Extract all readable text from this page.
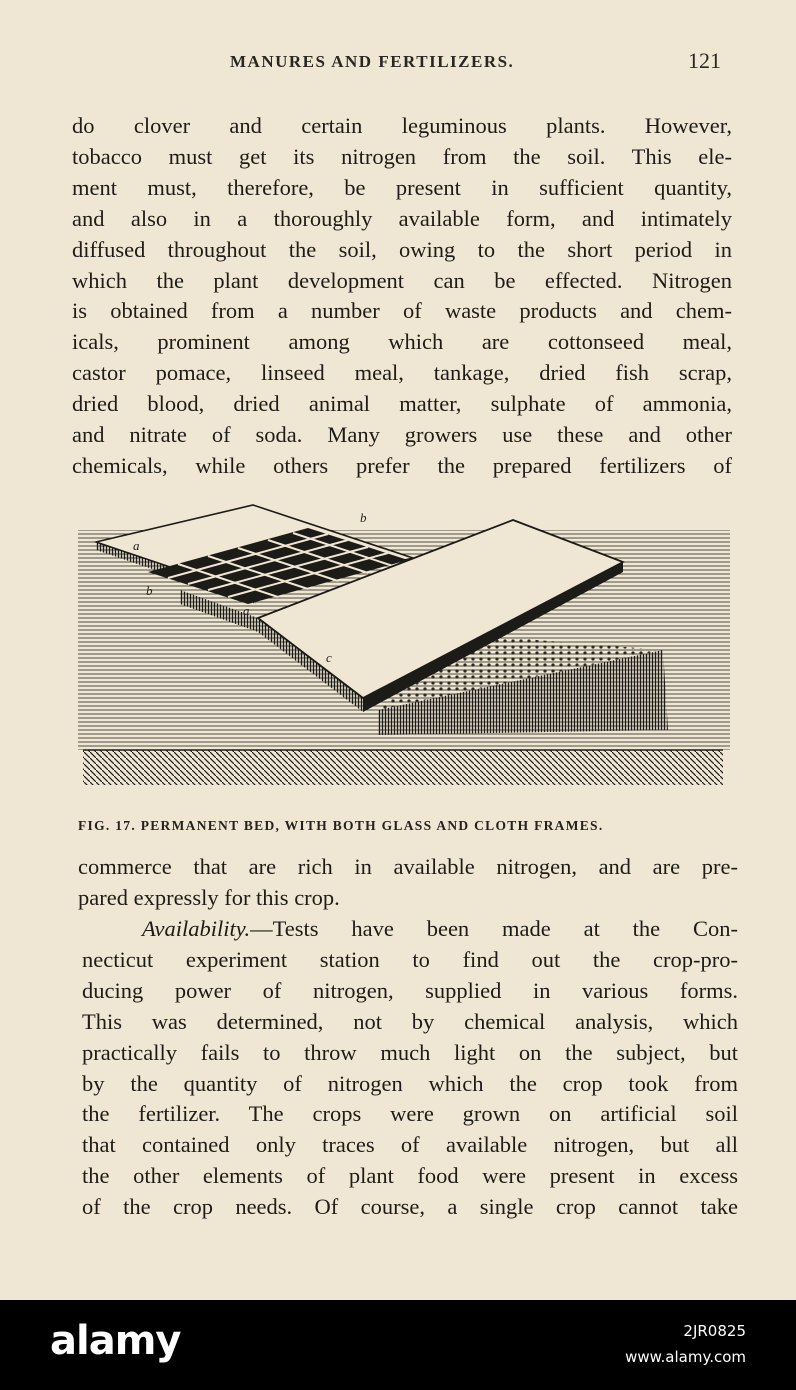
MANURES AND FERTILIZERS.	121
do clover and certain leguminous plants. However,
tobacco must get its nitrogen from the soil. This ele-
ment must, therefore, be present in sufficient quantity,
and also in a thoroughly available form, and intimately
diffused throughout the soil, owing to the short period in
which the plant development can be effected. Nitrogen
is obtained from a number of waste products and chem-
icals, prominent among which are cottonseed meal,
castor pomace, linseed meal, tankage, dried fish scrap,
dried blood, dried animal matter, sulphate of ammonia,
and nitrate of soda. Many growers use these and other
chemicals, while others prefer the prepared fertilizers of
a
b
b
a
c
FIG. 17. PERMANENT BED, WITH BOTH GLASS AND CLOTH FRAMES.
commerce that are rich in available nitrogen, and are pre-
pared expressly for this crop.
Availability.—Tests have been made at the Con-
necticut experiment station to find out the crop-pro-
ducing power of nitrogen, supplied in various forms.
This was determined, not by chemical analysis, which
practically fails to throw much light on the subject, but
by the quantity of nitrogen which the crop took from
the fertilizer. The crops were grown on artificial soil
that contained only traces of available nitrogen, but all
the other elements of plant food were present in excess
of the crop needs. Of course, a single crop cannot take
alamy	2JR0825
www.alamy.com
